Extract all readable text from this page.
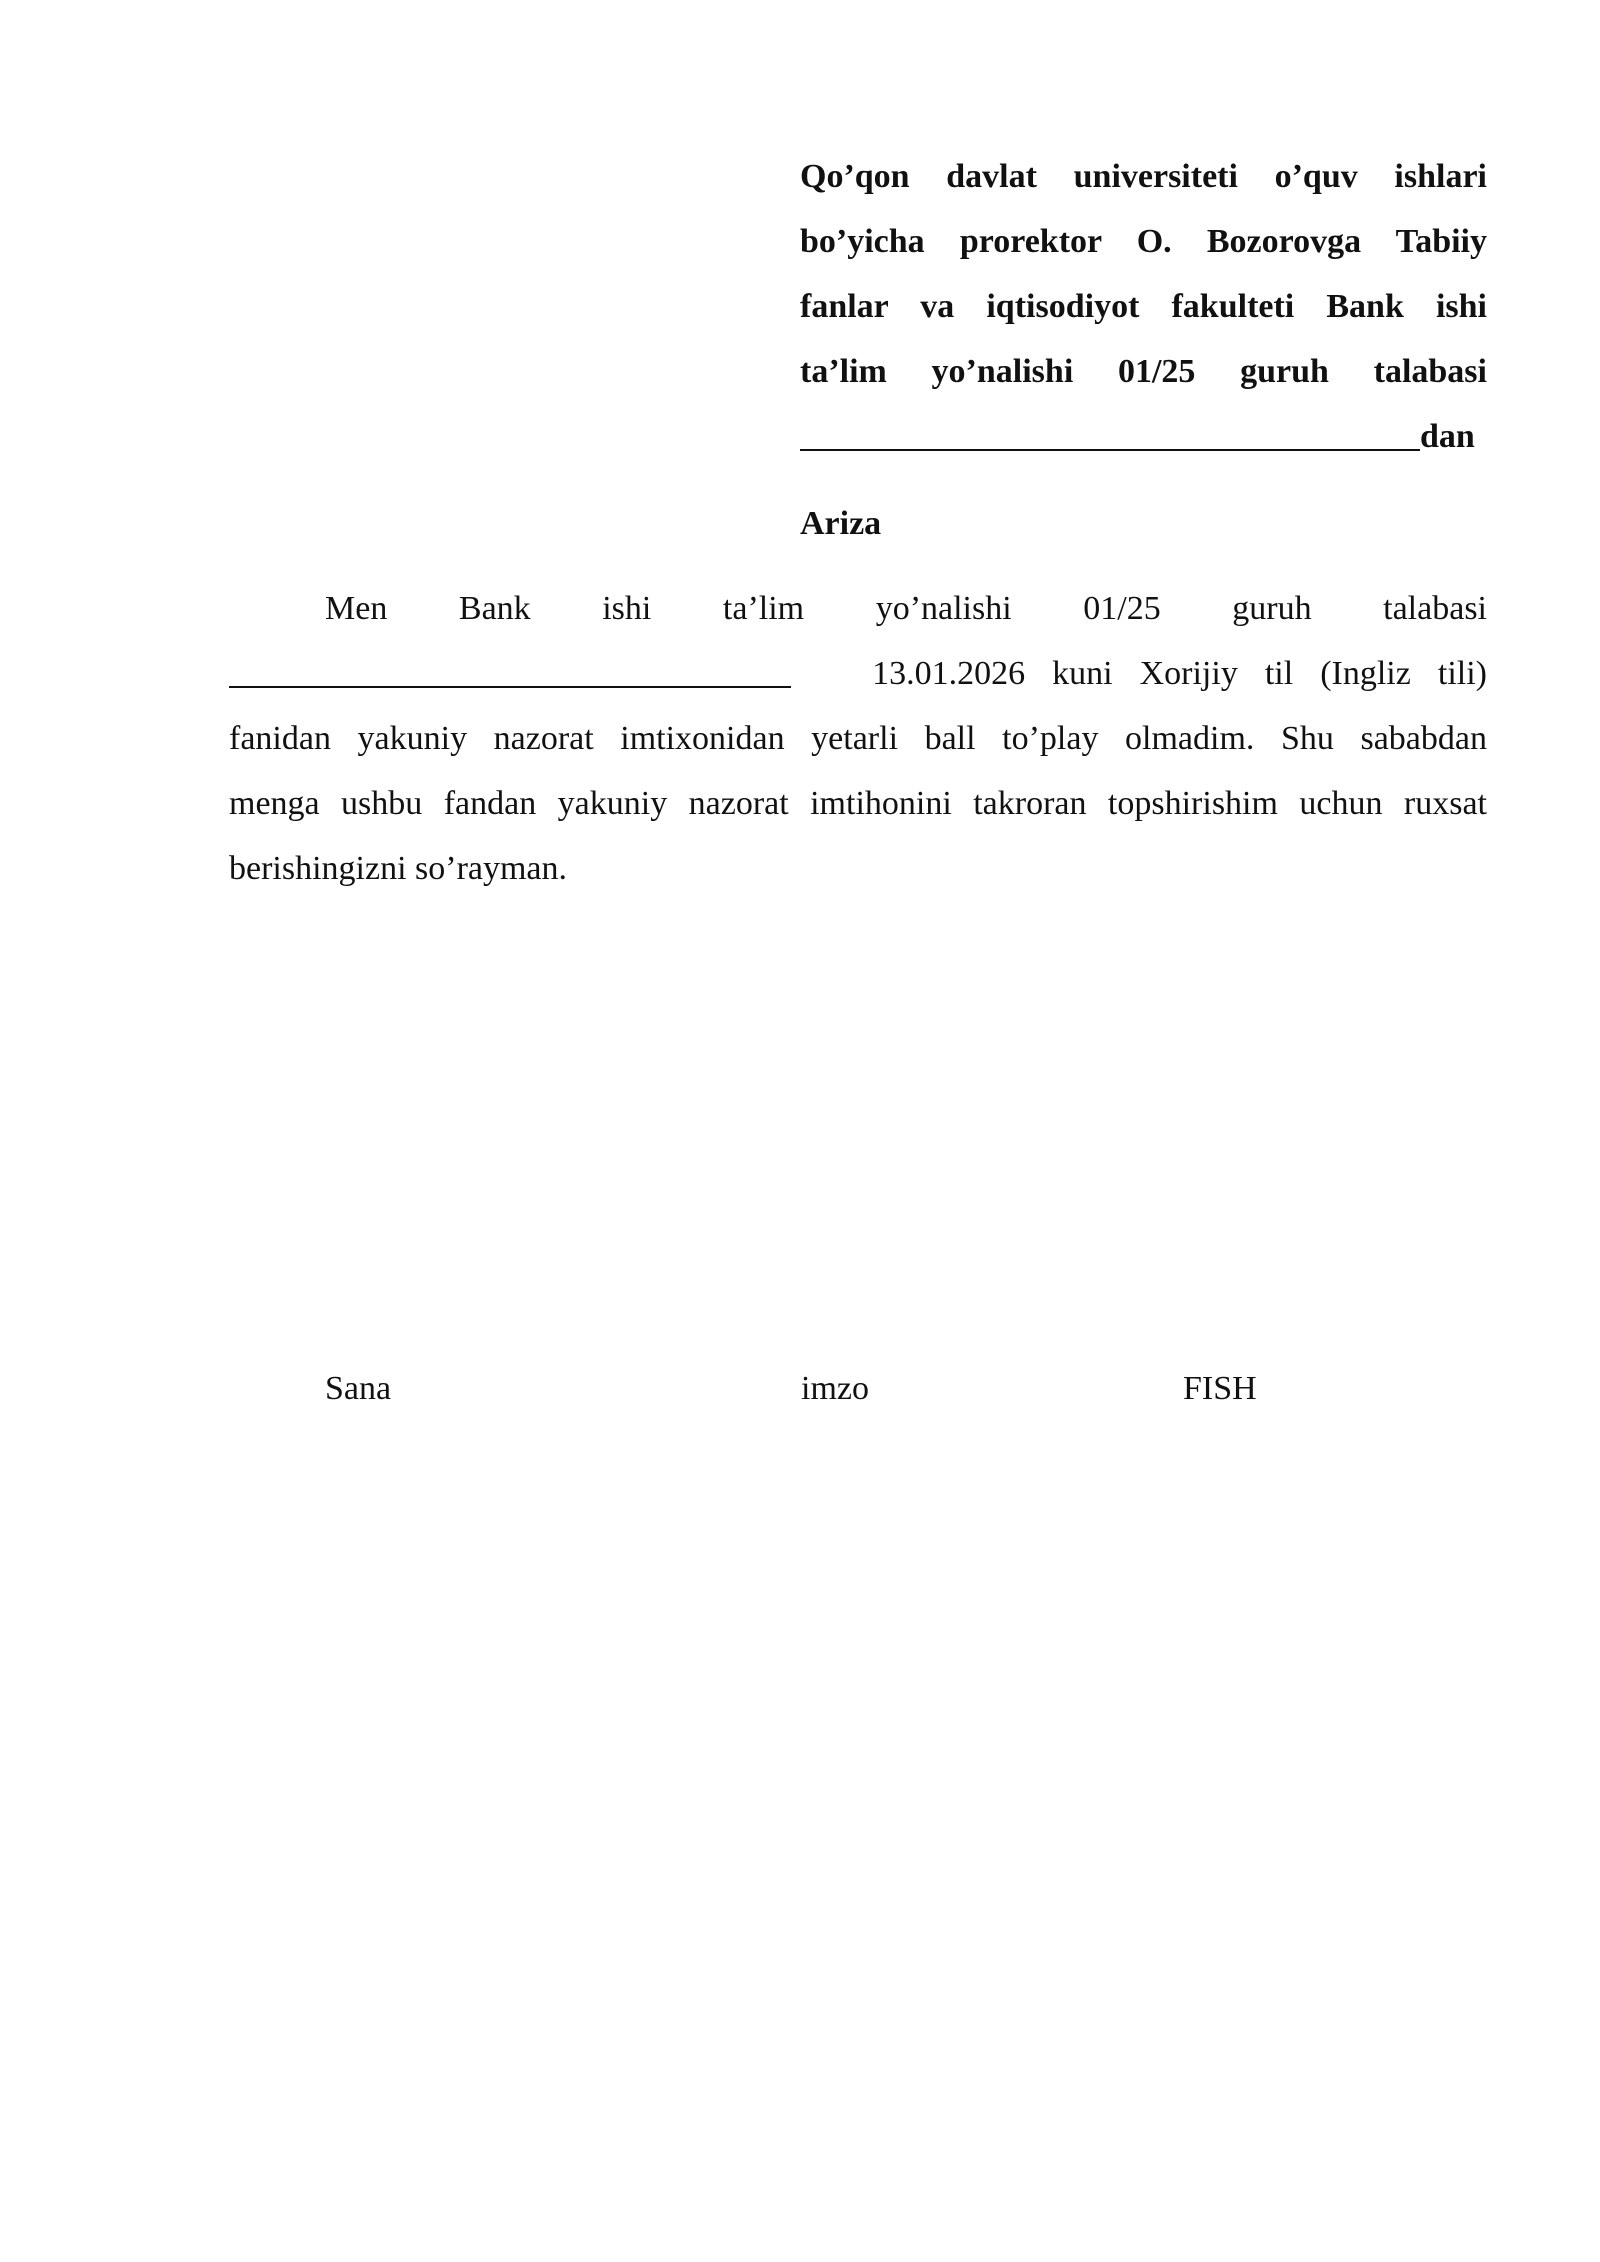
Qo’qon davlat universiteti o’quv ishlari
bo’yicha prorektor O. Bozorovga Tabiiy
fanlar va iqtisodiyot fakulteti Bank ishi
ta’lim yo’nalishi 01/25 guruh talabasi
dan
Ariza
Men Bank ishi ta’lim yo’nalishi 01/25 guruh talabasi
13.01.2026 kuni Xorijiy til (Ingliz tili)
fanidan yakuniy nazorat imtixonidan yetarli ball to’play olmadim. Shu sababdan
menga ushbu fandan yakuniy nazorat imtihonini takroran topshirishim uchun ruxsat
berishingizni so’rayman.
Sana	imzo	FISH
